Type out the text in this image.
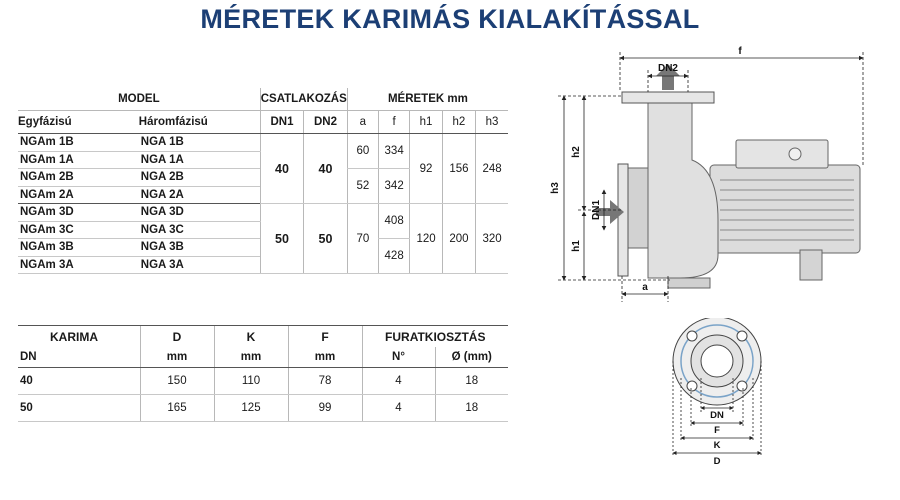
MÉRETEK KARIMÁS KIALAKÍTÁSSAL
MODEL		CSATLAKOZÁS		MÉRETEK mm				
Egyfázisú	Háromfázisú	DN1	DN2	a	f	h1	h2	h3
NGAm 1B	NGA 1B	40	40	60	334	92	156	248
NGAm 1A	NGA 1A							
NGAm 2B	NGA 2B			52	342			
NGAm 2A	NGA 2A							
NGAm 3D	NGA 3D	50	50	70	408	120	200	320
NGAm 3C	NGA 3C							
NGAm 3B	NGA 3B				428			
NGAm 3A	NGA 3A							
KARIMA	D	K	F	FURATKIOSZTÁS	
DN	mm	mm	mm	N°	Ø (mm)
40	150	110	78	4	18
50	165	125	99	4	18
f
DN2
h3
h2
h1
DN1
a
DN
F
K
D
